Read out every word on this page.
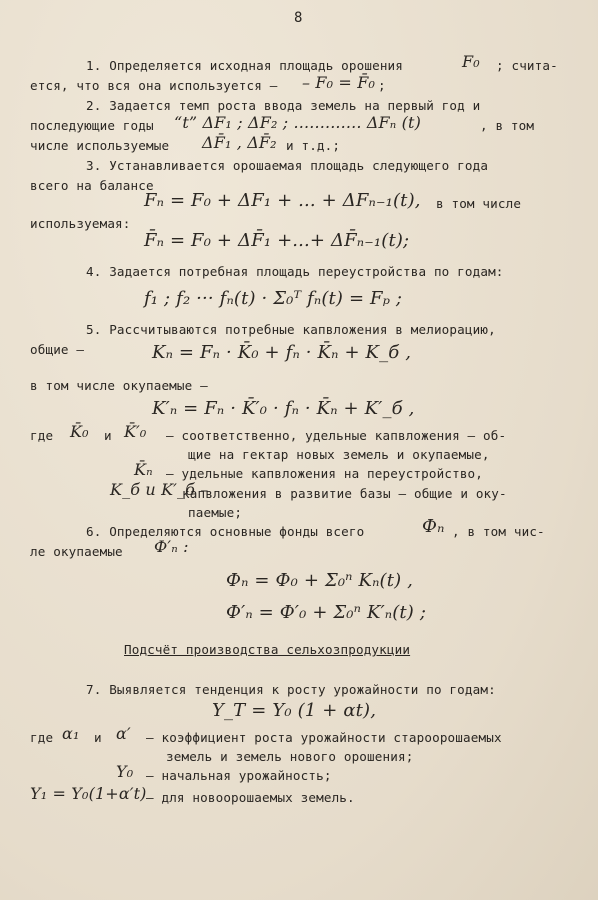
8
1. Определяется исходная площадь орошения	F₀ ; счита-
ется, что вся она используется – – F₀ = F̄₀ ;
2. Задается темп роста ввода земель на первый год и
последующие годы “t” ΔF₁ ; ΔF₂ ; ............. ΔFₙ (t)	, в том
числе используемые ΔF̄₁ , ΔF̄₂ и т.д.;
3. Устанавливается орошаемая площадь следующего года
всего на балансе
Fₙ = F₀ + ΔF₁ + ... + ΔFₙ₋₁(t), в том числе
используемая:
F̄ₙ = F₀ + ΔF̄₁ +...+ ΔF̄ₙ₋₁(t);
4. Задается потребная площадь переустройства по годам:
f₁ ; f₂ ··· fₙ(t) · Σ₀ᵀ fₙ(t) = Fₚ ;
5. Рассчитываются потребные капвложения в мелиорацию,
общие –	Kₙ = Fₙ · K̄₀ + fₙ · K̄ₙ + K_б ,
в том числе окупаемые –
K′ₙ = Fₙ · K̄′₀ · fₙ · K̄ₙ + K′_б ,
где K̄₀ и K̄′₀ – соответственно, удельные капвложения – об-
щие на гектар новых земель и окупаемые,
K̄ₙ – удельные капвложения на переустройство,
K_б и K′_б –
капвложения в развитие базы – общие и оку-
паемые;
6. Определяются основные фонды всего	Фₙ , в том чис-
ле окупаемые Ф′ₙ :
Фₙ = Ф₀ + Σ₀ⁿ Kₙ(t) ,
Ф′ₙ = Ф′₀ + Σ₀ⁿ K′ₙ(t) ;
Подсчёт производства сельхозпродукции
7. Выявляется тенденция к росту урожайности по годам:
Y_T = Y₀ (1 + αt),
где α₁ и α′ – коэффициент роста урожайности староорошаемых
земель и земель нового орошения;
Y₀ – начальная урожайность;
Y₁ = Y₀(1+α′t) – для новоорошаемых земель.
